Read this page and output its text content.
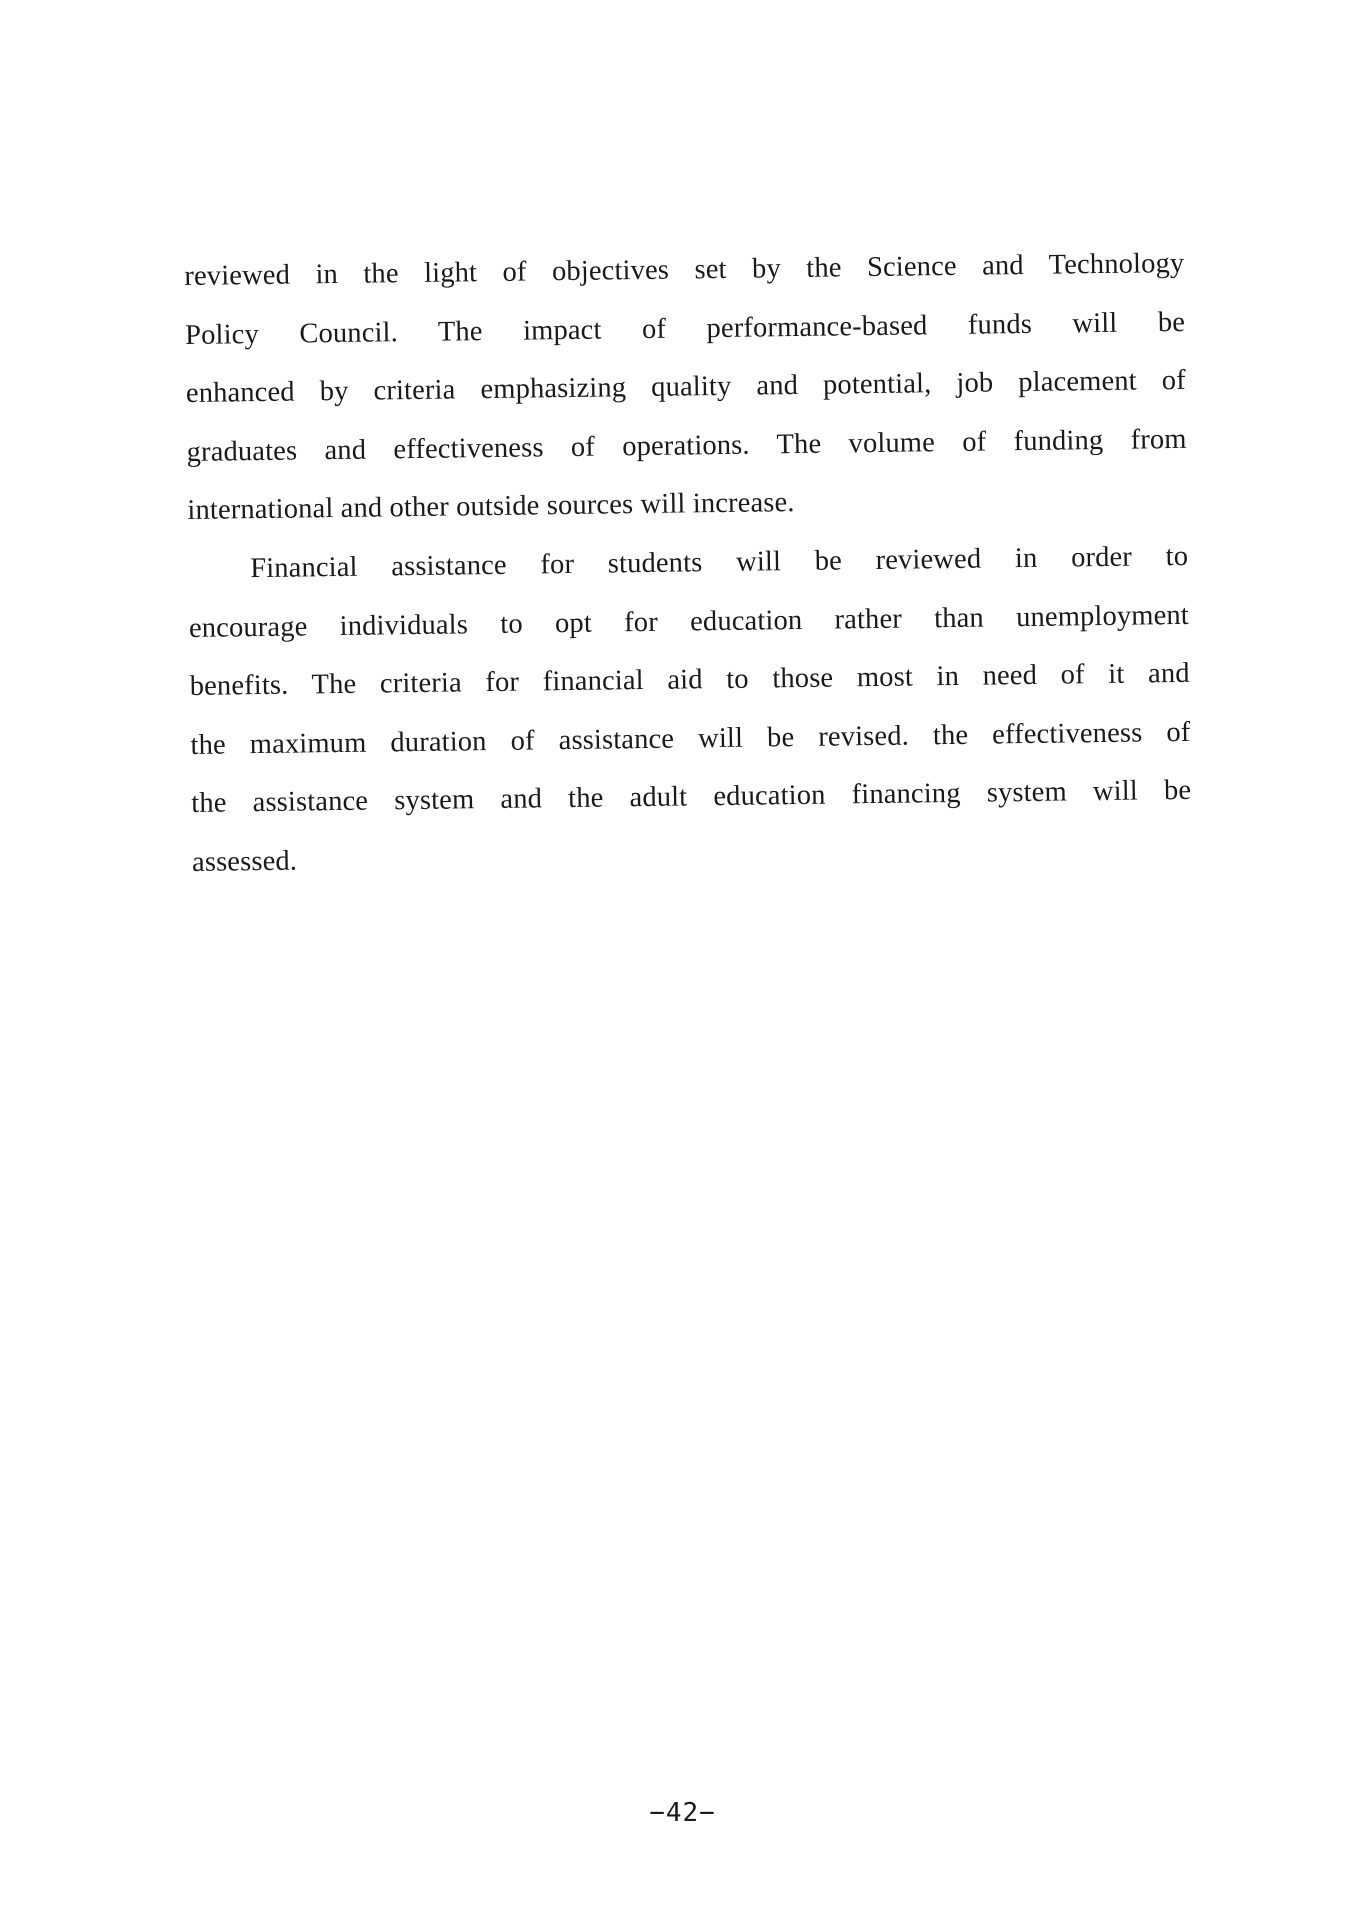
reviewed in the light of objectives set by the Science and Technology
Policy Council. The impact of performance-based funds will be
enhanced by criteria emphasizing quality and potential, job placement of
graduates and effectiveness of operations. The volume of funding from
international and other outside sources will increase.
Financial assistance for students will be reviewed in order to
encourage individuals to opt for education rather than unemployment
benefits. The criteria for financial aid to those most in need of it and
the maximum duration of assistance will be revised. the effectiveness of
the assistance system and the adult education financing system will be
assessed.
−42−
